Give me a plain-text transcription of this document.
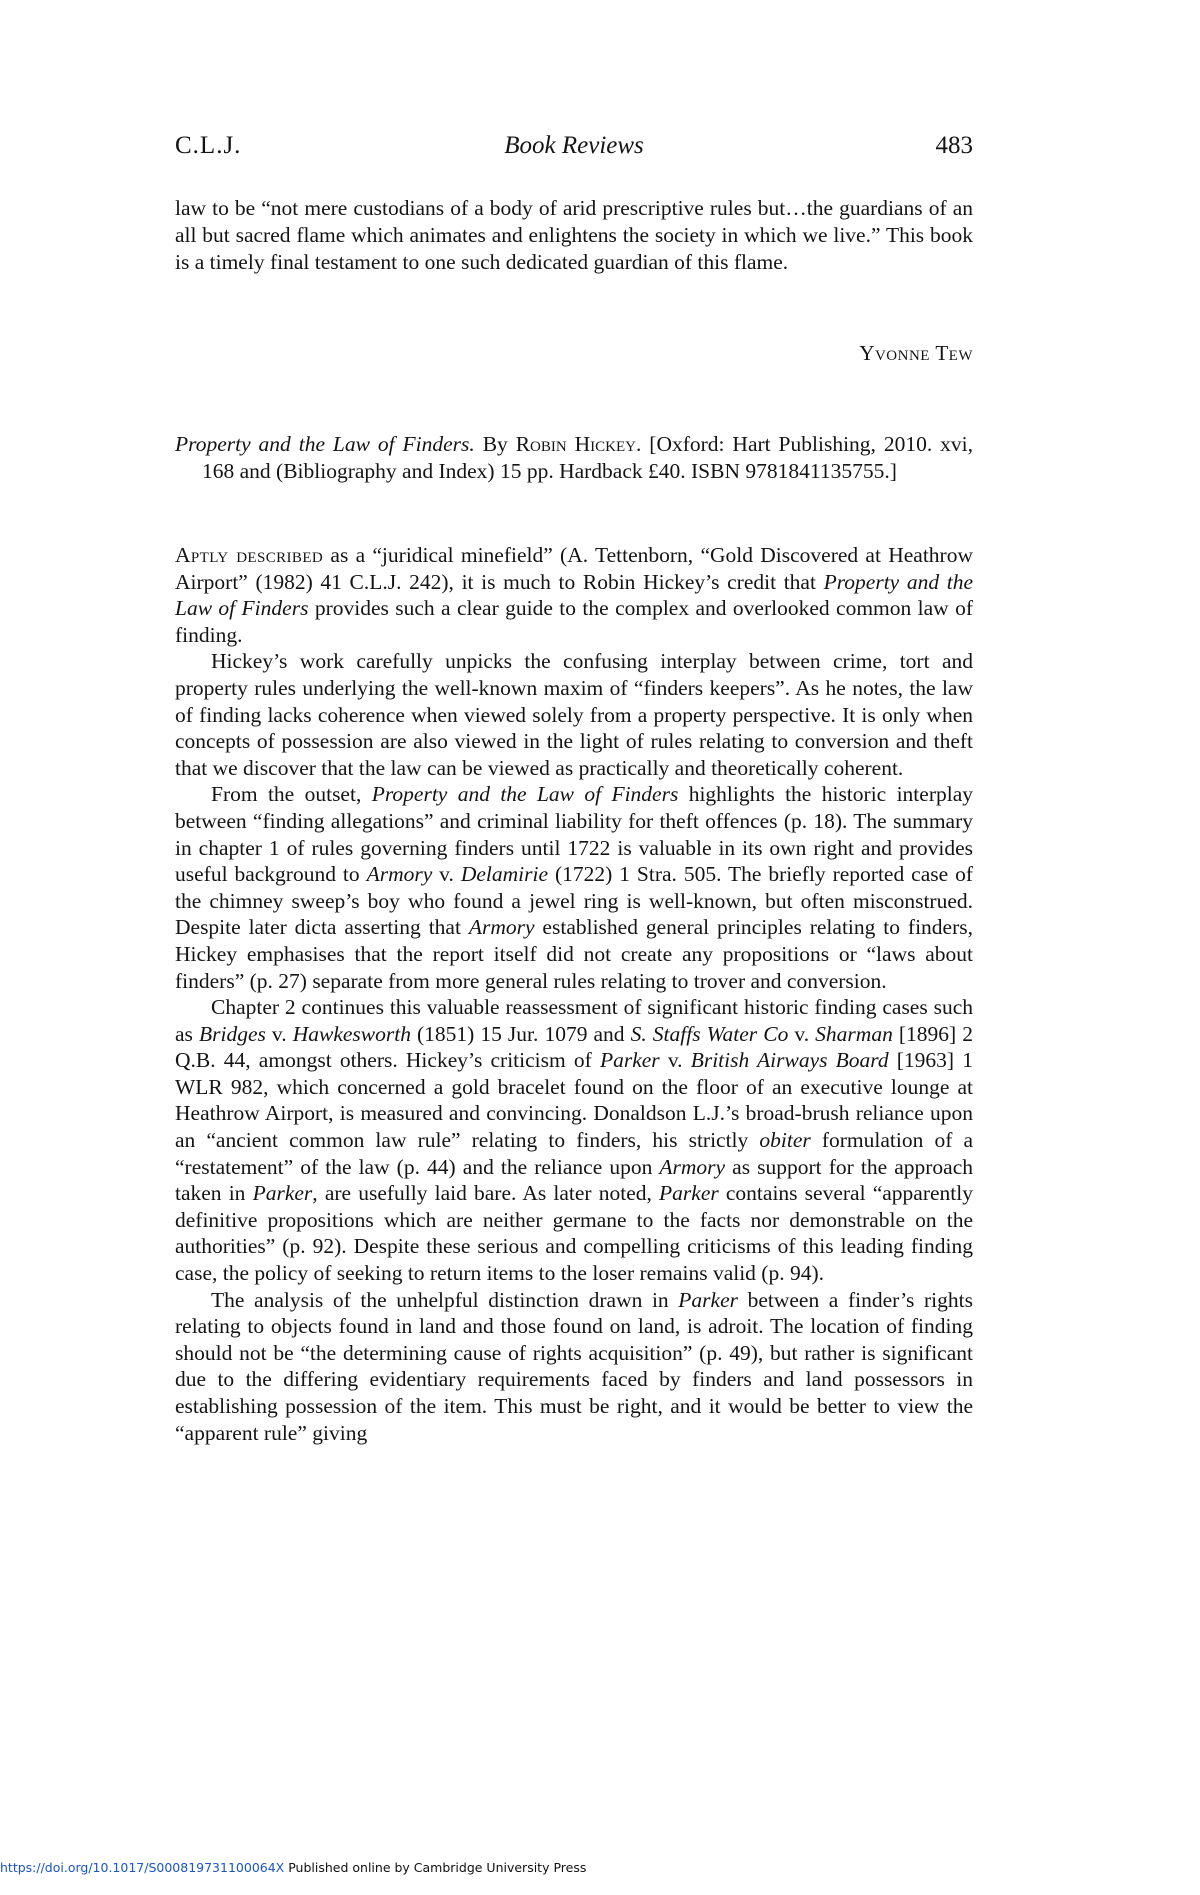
C.L.J.	Book Reviews	483
law to be “not mere custodians of a body of arid prescriptive rules but…the guardians of an all but sacred flame which animates and enlightens the society in which we live.” This book is a timely final testament to one such dedicated guardian of this flame.
Yvonne Tew
Property and the Law of Finders. By Robin Hickey. [Oxford: Hart Publishing, 2010. xvi, 168 and (Bibliography and Index) 15 pp. Hardback £40. ISBN 9781841135755.]

Aptly described as a “juridical minefield” (A. Tettenborn, “Gold Discovered at Heathrow Airport” (1982) 41 C.L.J. 242), it is much to Robin Hickey’s credit that Property and the Law of Finders provides such a clear guide to the complex and overlooked common law of finding.

Hickey’s work carefully unpicks the confusing interplay between crime, tort and property rules underlying the well-known maxim of “finders keepers”. As he notes, the law of finding lacks coherence when viewed solely from a property perspective. It is only when concepts of possession are also viewed in the light of rules relating to conversion and theft that we discover that the law can be viewed as practically and theoretically coherent.

From the outset, Property and the Law of Finders highlights the historic interplay between “finding allegations” and criminal liability for theft offences (p. 18). The summary in chapter 1 of rules governing finders until 1722 is valuable in its own right and provides useful background to Armory v. Delamirie (1722) 1 Stra. 505. The briefly reported case of the chimney sweep’s boy who found a jewel ring is well-known, but often misconstrued. Despite later dicta asserting that Armory established general principles relating to finders, Hickey emphasises that the report itself did not create any propositions or “laws about finders” (p. 27) separate from more general rules relating to trover and conversion.

Chapter 2 continues this valuable reassessment of significant historic finding cases such as Bridges v. Hawkesworth (1851) 15 Jur. 1079 and S. Staffs Water Co v. Sharman [1896] 2 Q.B. 44, amongst others. Hickey’s criticism of Parker v. British Airways Board [1963] 1 WLR 982, which concerned a gold bracelet found on the floor of an executive lounge at Heathrow Airport, is measured and convincing. Donaldson L.J.’s broad-brush reliance upon an “ancient common law rule” relating to finders, his strictly obiter formulation of a “restatement” of the law (p. 44) and the reliance upon Armory as support for the approach taken in Parker, are usefully laid bare. As later noted, Parker contains several “apparently definitive propositions which are neither germane to the facts nor demonstrable on the authorities” (p. 92). Despite these serious and compelling criticisms of this leading finding case, the policy of seeking to return items to the loser remains valid (p. 94).

The analysis of the unhelpful distinction drawn in Parker between a finder’s rights relating to objects found in land and those found on land, is adroit. The location of finding should not be “the determining cause of rights acquisition” (p. 49), but rather is significant due to the differing evidentiary requirements faced by finders and land possessors in establishing possession of the item. This must be right, and it would be better to view the “apparent rule” giving

https://doi.org/10.1017/S000819731100064X Published online by Cambridge University Press
